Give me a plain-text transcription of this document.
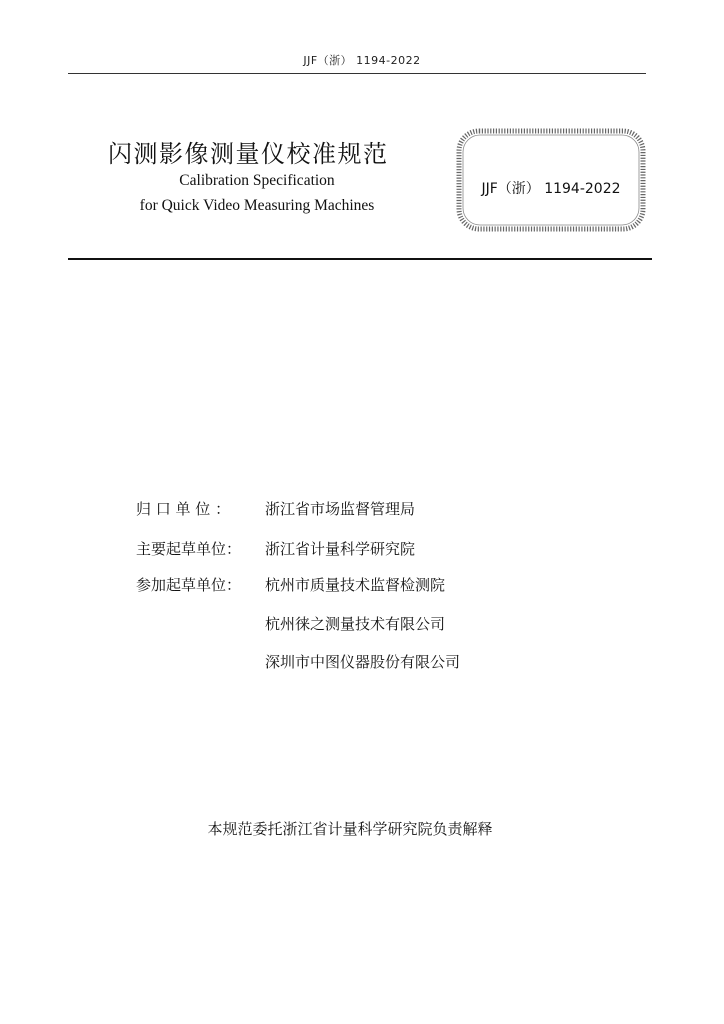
JJF（浙） 1194-2022
闪测影像测量仪校准规范
Calibration Specification
for Quick Video Measuring Machines
JJF（浙） 1194-2022
归 口 单 位 ：	浙江省市场监督管理局
主要起草单位：	浙江省计量科学研究院
参加起草单位：	杭州市质量技术监督检测院
杭州徕之测量技术有限公司
深圳市中图仪器股份有限公司
本规范委托浙江省计量科学研究院负责解释
